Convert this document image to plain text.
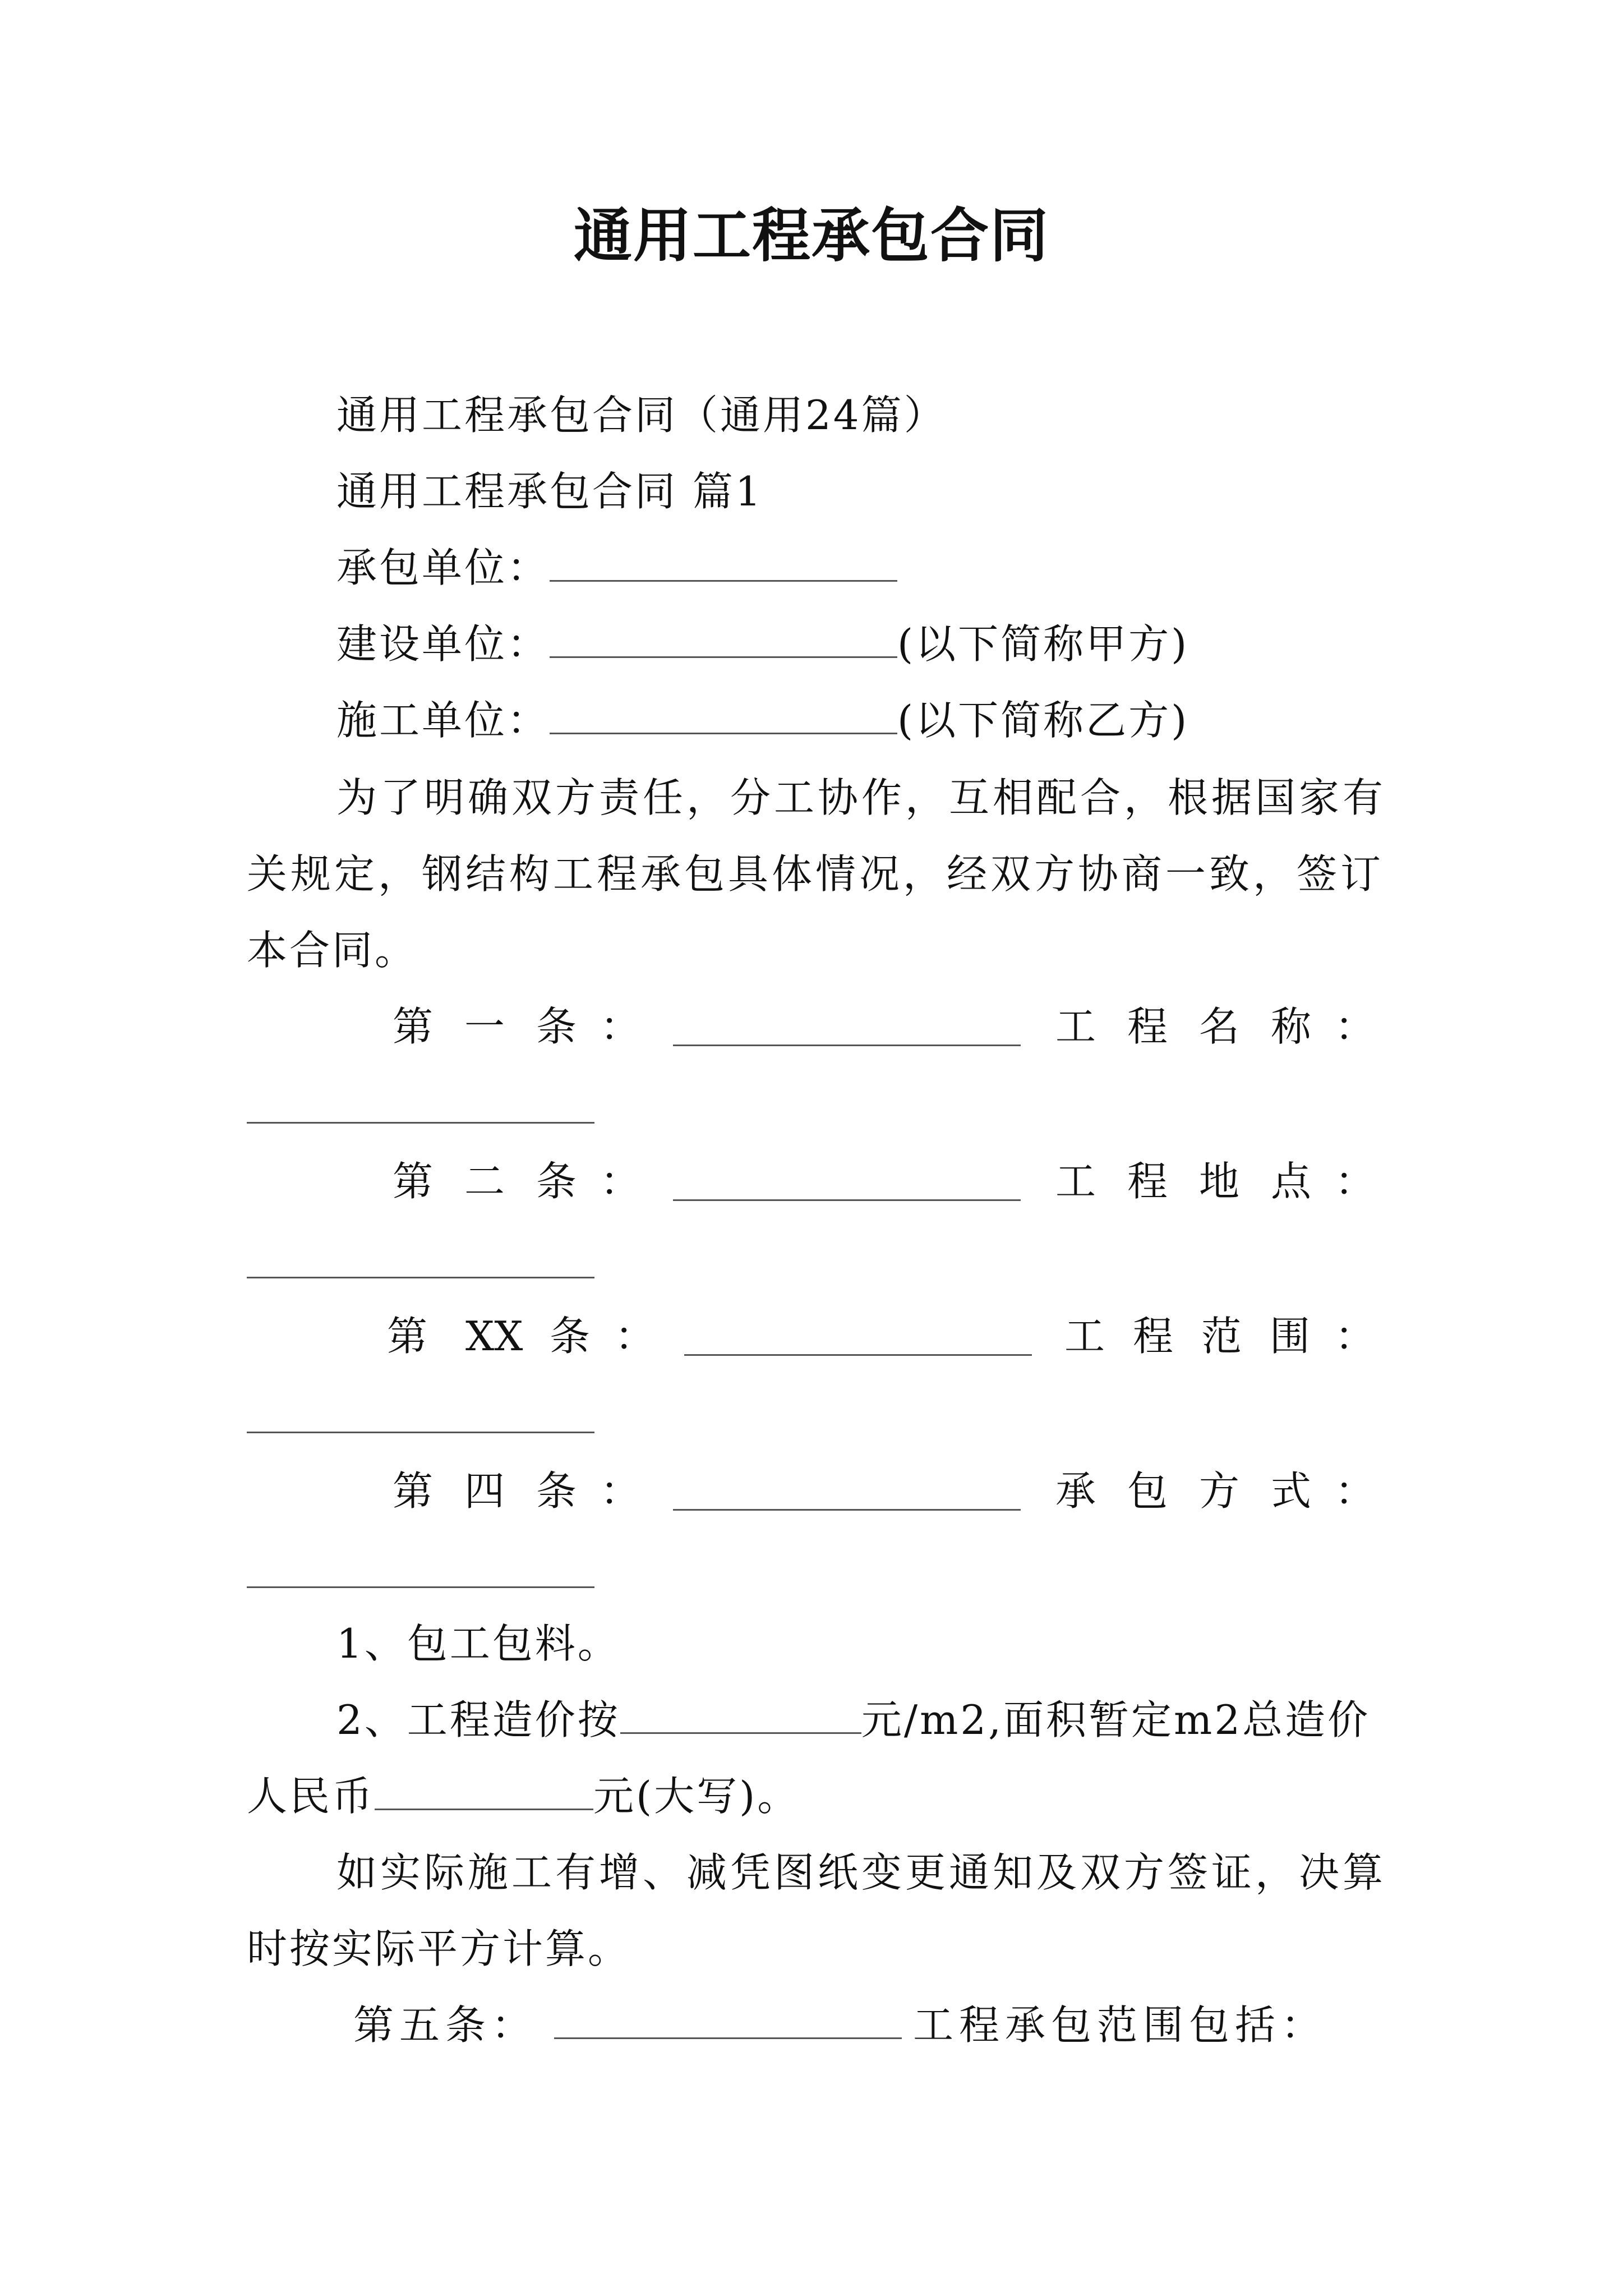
通用工程承包合同
通用工程承包合同（通用24篇）
通用工程承包合同 篇1
承包单位：
建设单位：	(以下简称甲方)
施工单位：	(以下简称乙方)
为了明确双方责任，分工协作，互相配合，根据国家有
关规定，钢结构工程承包具体情况，经双方协商一致，签订
本合同。
第 一 条 ：	工 程 名 称 ：
第 二 条 ：	工 程 地 点 ：
第 XX 条 ：	工 程 范 围 ：
第 四 条 ：	承 包 方 式 ：
1、包工包料。
2、工程造价按	元/m2,面积暂定m2总造价
人民币	元(大写)。
如实际施工有增、减凭图纸变更通知及双方签证，决算
时按实际平方计算。
第五条：	工程承包范围包括：
